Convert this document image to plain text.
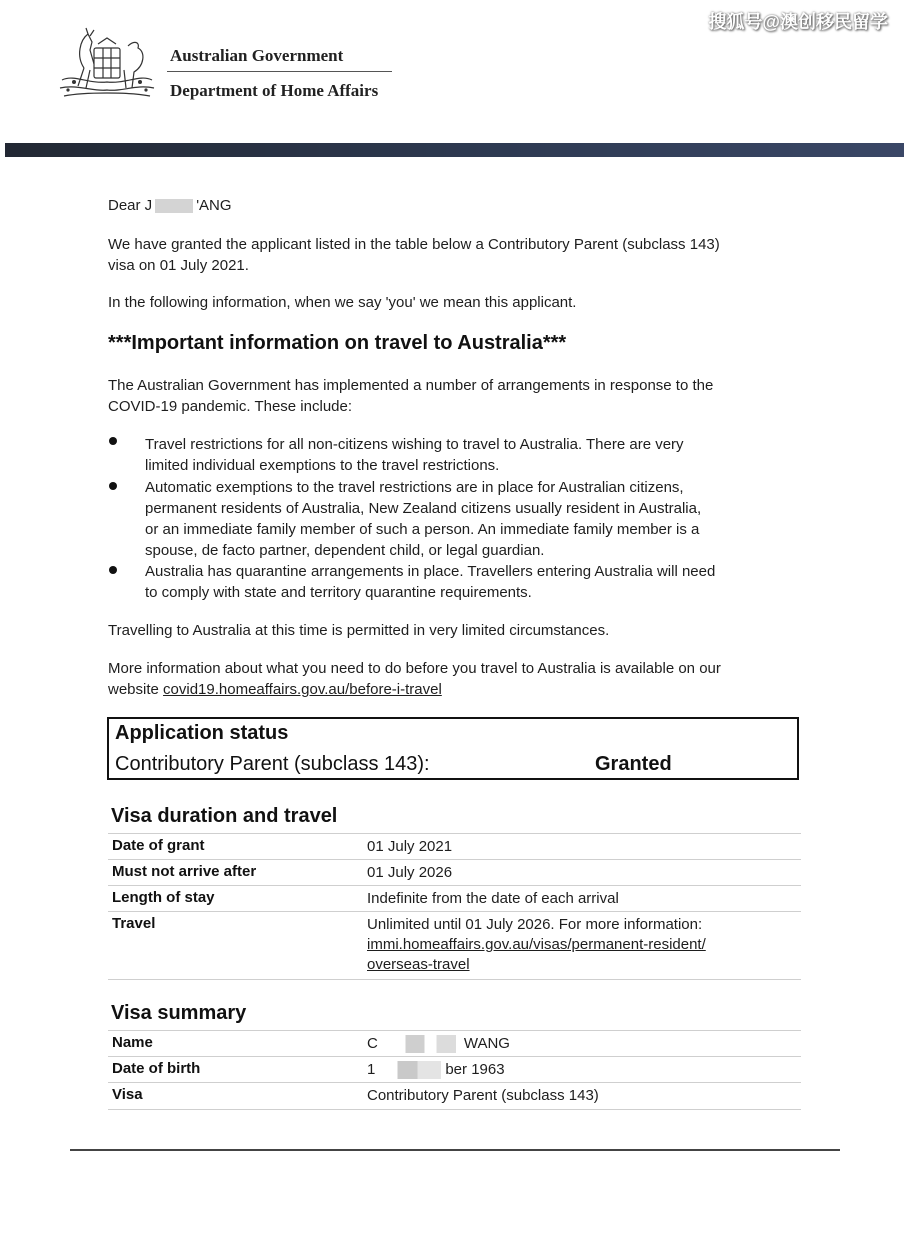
搜狐号@澳创移民留学
Australian Government
Department of Home Affairs
Dear J	'ANG
We have granted the applicant listed in the table below a Contributory Parent (subclass 143)
visa on 01 July 2021.
In the following information, when we say 'you' we mean this applicant.
***Important information on travel to Australia***
The Australian Government has implemented a number of arrangements in response to the
COVID-19 pandemic. These include:
Travel restrictions for all non-citizens wishing to travel to Australia. There are very
limited individual exemptions to the travel restrictions.
Automatic exemptions to the travel restrictions are in place for Australian citizens,
permanent residents of Australia, New Zealand citizens usually resident in Australia,
or an immediate family member of such a person. An immediate family member is a
spouse, de facto partner, dependent child, or legal guardian.
Australia has quarantine arrangements in place. Travellers entering Australia will need
to comply with state and territory quarantine requirements.
Travelling to Australia at this time is permitted in very limited circumstances.
More information about what you need to do before you travel to Australia is available on our
website covid19.homeaffairs.gov.au/before-i-travel
Application status
Contributory Parent (subclass 143):	Granted
Visa duration and travel
Date of grant	01 July 2021
Must not arrive after	01 July 2026
Length of stay	Indefinite from the date of each arrival
Travel	Unlimited until 01 July 2026. For more information:
immi.homeaffairs.gov.au/visas/permanent-resident/
overseas-travel
Visa summary
Name	C	WANG
Date of birth	1	ber 1963
Visa	Contributory Parent (subclass 143)
